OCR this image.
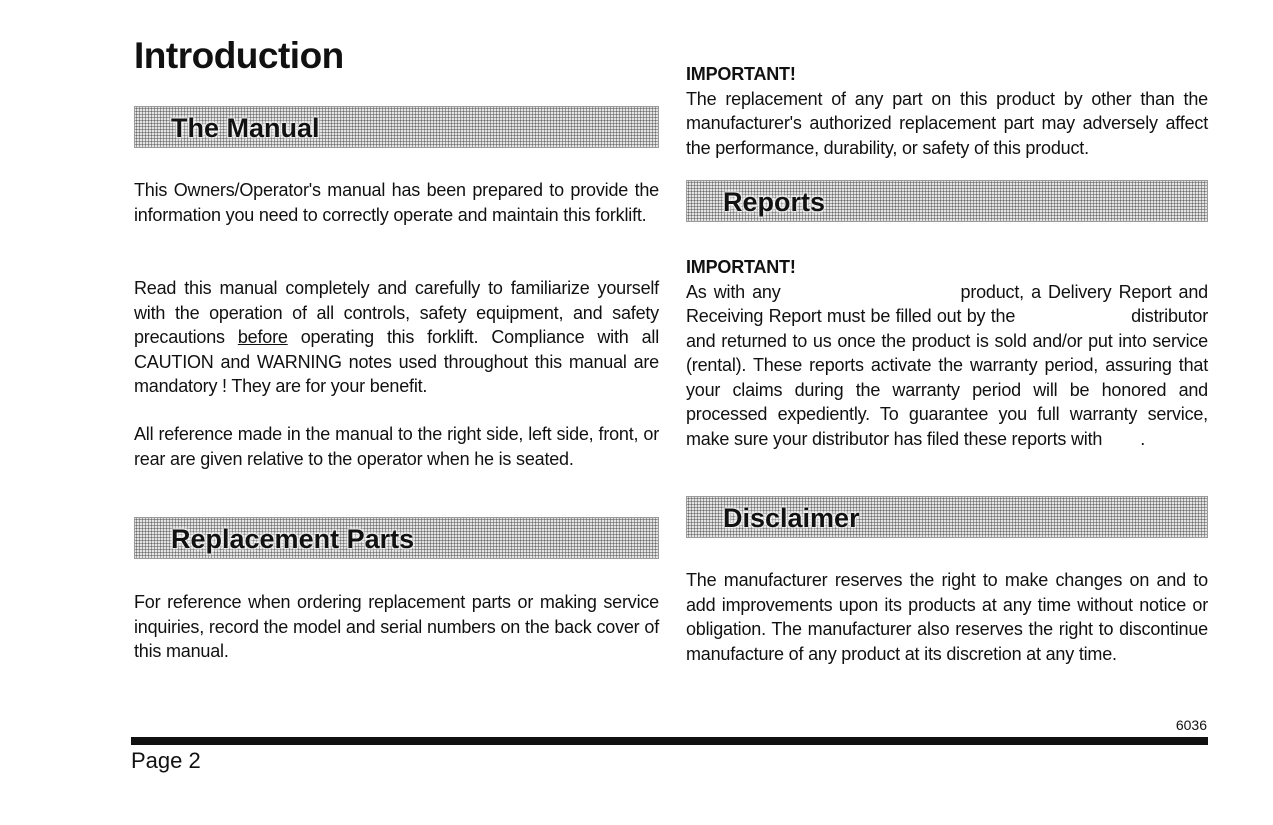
Introduction
The Manual

This Owners/Operator's manual has been prepared to provide the information you need to correctly operate and maintain this forklift.

Read this manual completely and carefully to familiarize yourself with the operation of all controls, safety equipment, and safety precautions before operating this forklift. Compliance with all CAUTION and WARNING notes used throughout this manual are mandatory ! They are for your benefit.

All reference made in the manual to the right side, left side, front, or rear are given relative to the operator when he is seated.

Replacement Parts

For reference when ordering replacement parts or making service inquiries, record the model and serial numbers on the back cover of this manual.

IMPORTANT!
The replacement of any part on this product by other than the manufacturer's authorized replacement part may adversely affect the performance, durability, or safety of this product.

Reports

IMPORTANT!
As with any	product, a Delivery Report and Receiving Report must be filled out by the	distributor and returned to us once the product is sold and/or put into service (rental). These reports activate the warranty period, assuring that your claims during the warranty period will be honored and processed expediently. To guarantee you full warranty service, make sure your distributor has filed these reports with .

Disclaimer

The manufacturer reserves the right to make changes on and to add improvements upon its products at any time without notice or obligation. The manufacturer also reserves the right to discontinue manufacture of any product at its discretion at any time.

6036
Page 2
